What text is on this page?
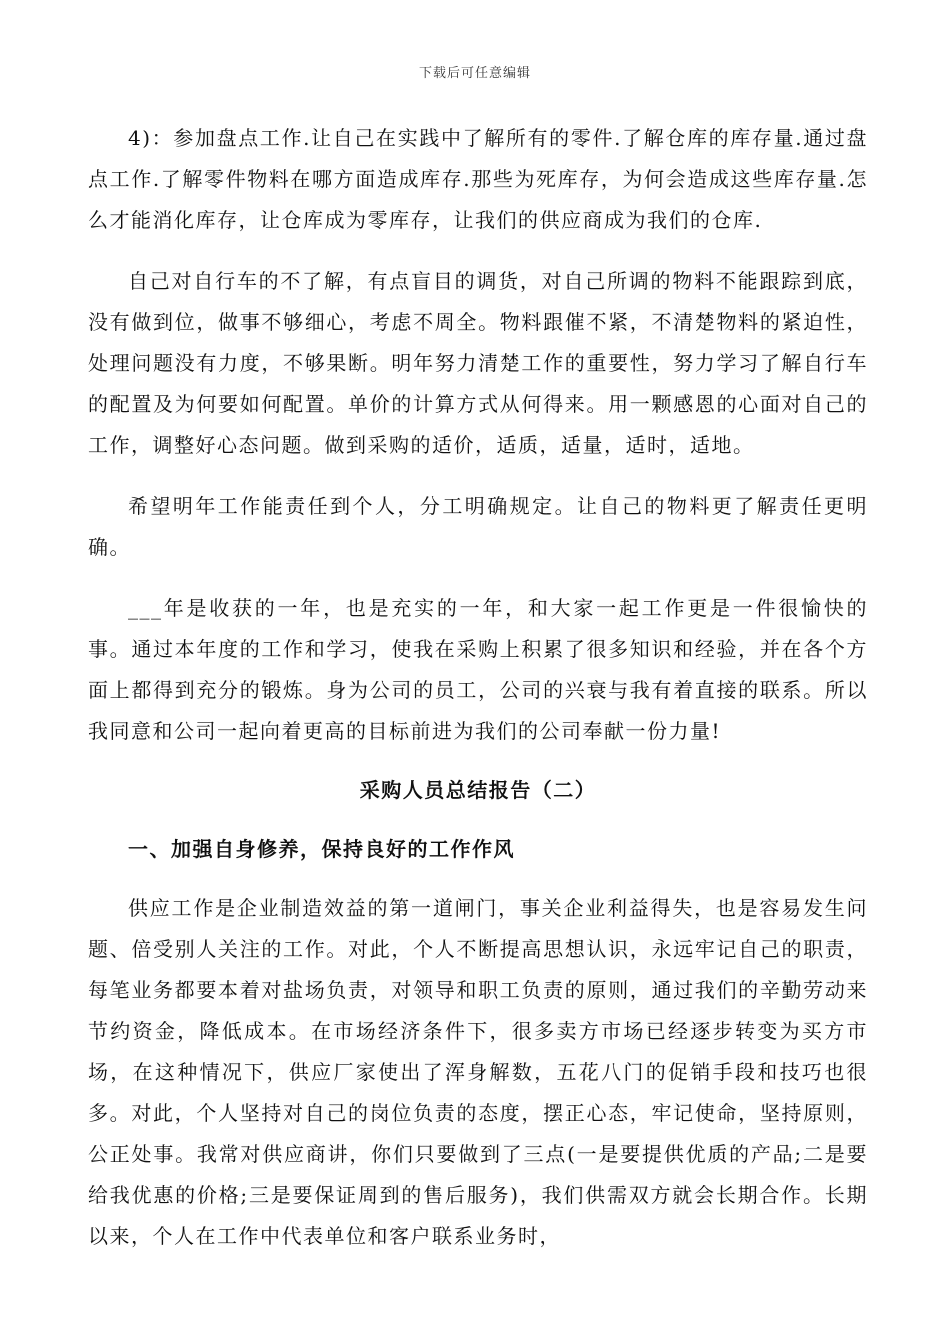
下载后可任意编辑

4)：参加盘点工作.让自己在实践中了解所有的零件.了解仓库的库存量.通过盘点工作.了解零件物料在哪方面造成库存.那些为死库存，为何会造成这些库存量.怎么才能消化库存，让仓库成为零库存，让我们的供应商成为我们的仓库.

自己对自行车的不了解，有点盲目的调货，对自己所调的物料不能跟踪到底，没有做到位，做事不够细心，考虑不周全。物料跟催不紧，不清楚物料的紧迫性，处理问题没有力度，不够果断。明年努力清楚工作的重要性，努力学习了解自行车的配置及为何要如何配置。单价的计算方式从何得来。用一颗感恩的心面对自己的工作，调整好心态问题。做到采购的适价，适质，适量，适时，适地。

希望明年工作能责任到个人，分工明确规定。让自己的物料更了解责任更明确。

___年是收获的一年，也是充实的一年，和大家一起工作更是一件很愉快的事。通过本年度的工作和学习，使我在采购上积累了很多知识和经验，并在各个方面上都得到充分的锻炼。身为公司的员工，公司的兴衰与我有着直接的联系。所以我同意和公司一起向着更高的目标前进为我们的公司奉献一份力量!

采购人员总结报告（二）

一、加强自身修养，保持良好的工作作风

供应工作是企业制造效益的第一道闸门，事关企业利益得失，也是容易发生问题、倍受别人关注的工作。对此，个人不断提高思想认识，永远牢记自己的职责，每笔业务都要本着对盐场负责，对领导和职工负责的原则，通过我们的辛勤劳动来节约资金，降低成本。在市场经济条件下，很多卖方市场已经逐步转变为买方市场，在这种情况下，供应厂家使出了浑身解数，五花八门的促销手段和技巧也很多。对此，个人坚持对自己的岗位负责的态度，摆正心态，牢记使命，坚持原则，公正处事。我常对供应商讲，你们只要做到了三点(一是要提供优质的产品;二是要给我优惠的价格;三是要保证周到的售后服务)，我们供需双方就会长期合作。长期以来，个人在工作中代表单位和客户联系业务时，
